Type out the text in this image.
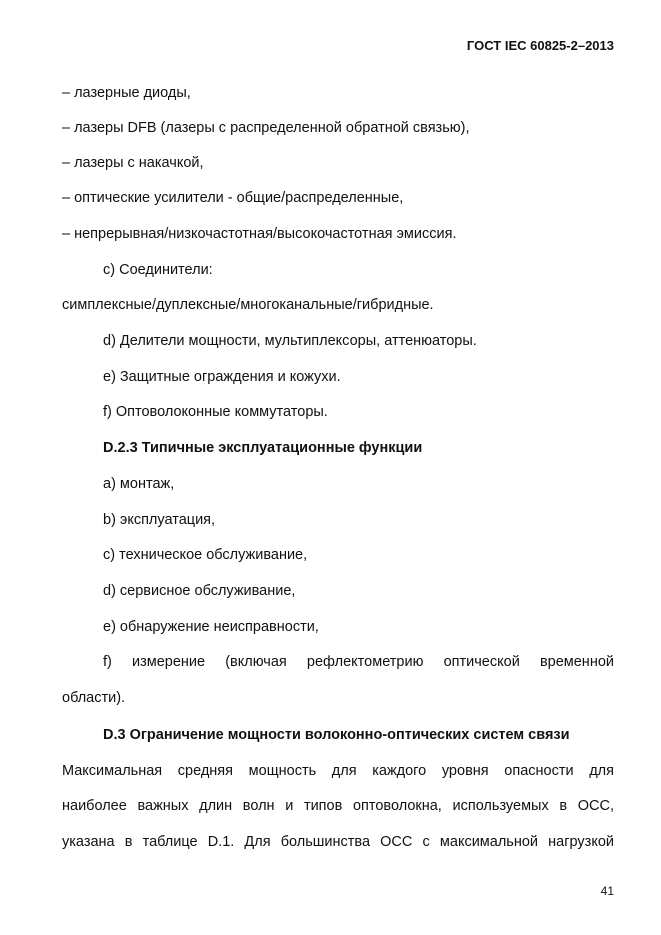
ГОСТ IEC 60825-2–2013
– лазерные диоды,
– лазеры DFB (лазеры с распределенной обратной связью),
– лазеры с накачкой,
– оптические усилители - общие/распределенные,
– непрерывная/низкочастотная/высокочастотная эмиссия.
с) Соединители:
симплексные/дуплексные/многоканальные/гибридные.
d) Делители мощности, мультиплексоры, аттенюаторы.
е) Защитные ограждения и кожухи.
f) Оптоволоконные коммутаторы.
D.2.3 Типичные эксплуатационные функции
а) монтаж,
b) эксплуатация,
с) техническое обслуживание,
d) сервисное обслуживание,
е) обнаружение неисправности,
f) измерение (включая рефлектометрию оптической временной
области).
D.3 Ограничение мощности волоконно-оптических систем связи
Максимальная средняя мощность для каждого уровня опасности для
наиболее важных длин волн и типов оптоволокна, используемых в ОСС,
указана в таблице D.1. Для большинства ОСС с максимальной нагрузкой
41
